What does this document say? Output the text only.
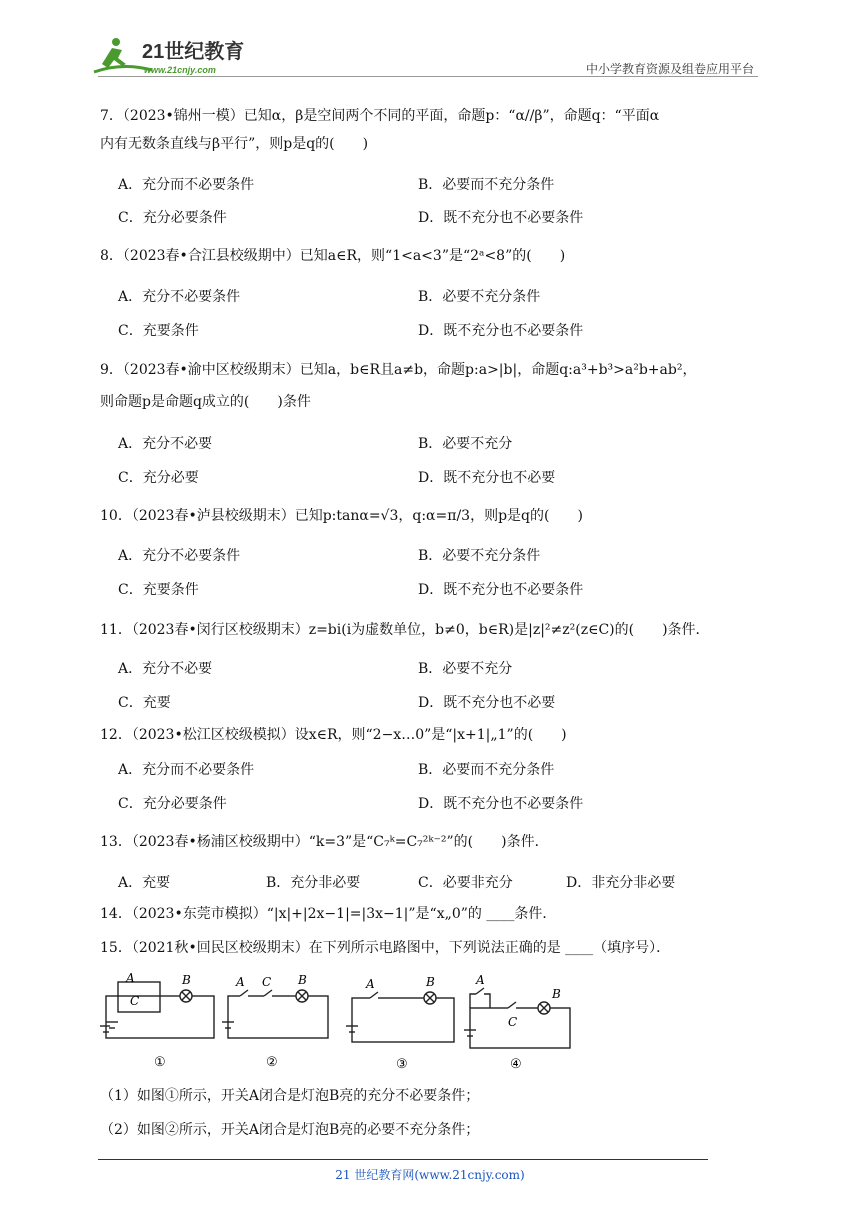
21世纪教育
www.21cnjy.com	中小学教育资源及组卷应用平台
7．（2023•锦州一模）已知α，β是空间两个不同的平面，命题p：“α//β”，命题q：“平面α
内有无数条直线与β平行”，则p是q的(　　)
A．充分而不必要条件	B．必要而不充分条件
C．充分必要条件	D．既不充分也不必要条件
8．（2023春•合江县校级期中）已知a∈R，则“1<a<3”是“2ᵃ<8”的(　　)
A．充分不必要条件	B．必要不充分条件
C．充要条件	D．既不充分也不必要条件
9．（2023春•渝中区校级期末）已知a，b∈R且a≠b，命题p:a>|b|，命题q:a³+b³>a²b+ab²，
则命题p是命题q成立的(　　)条件
A．充分不必要	B．必要不充分
C．充分必要	D．既不充分也不必要
10．（2023春•泸县校级期末）已知p:tanα=√3，q:α=π/3，则p是q的(　　)
A．充分不必要条件	B．必要不充分条件
C．充要条件	D．既不充分也不必要条件
11．（2023春•闵行区校级期末）z=bi(i为虚数单位，b≠0，b∈R)是|z|²≠z²(z∈C)的(　　)条件．
A．充分不必要	B．必要不充分
C．充要	D．既不充分也不必要
12．（2023•松江区校级模拟）设x∈R，则“2−x…0”是“|x+1|„1”的(　　)
A．充分而不必要条件	B．必要而不充分条件
C．充分必要条件	D．既不充分也不必要条件
13．（2023春•杨浦区校级期中）“k=3”是“C₇ᵏ=C₇²ᵏ⁻²”的(　　)条件．
A．充要	B．充分非必要	C．必要非充分	D．非充分非必要
14．（2023•东莞市模拟）“|x|+|2x−1|=|3x−1|”是“x„0”的 ____条件．
15．（2021秋•回民区校级期末）在下列所示电路图中，下列说法正确的是 ____（填序号）．
A
C
B
①
A C B
②
A	B
③
A
C
B
④
（1）如图①所示，开关A闭合是灯泡B亮的充分不必要条件；
（2）如图②所示，开关A闭合是灯泡B亮的必要不充分条件；
21 世纪教育网(www.21cnjy.com)
